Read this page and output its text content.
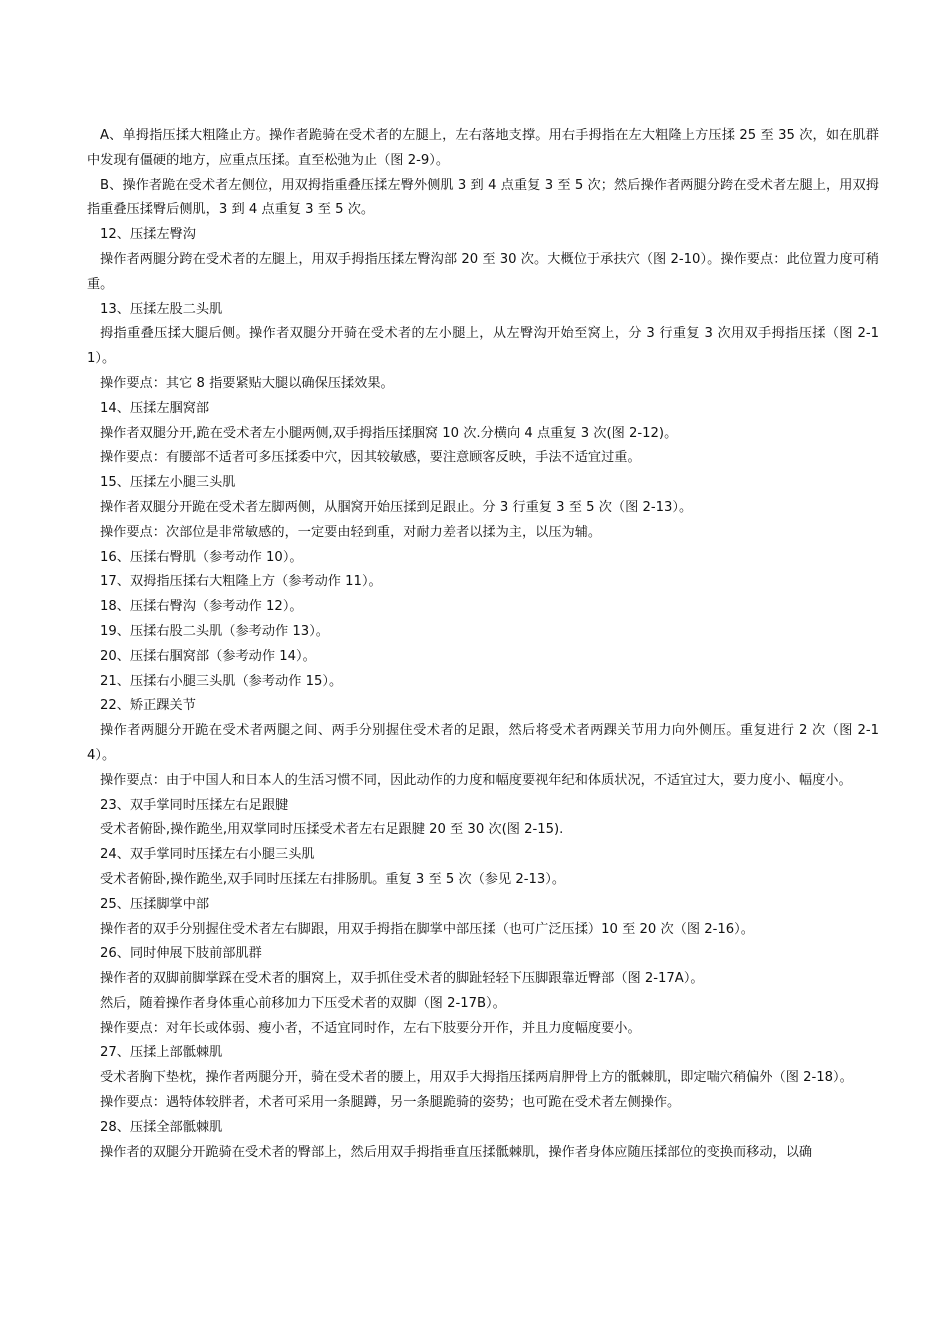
A、单拇指压揉大粗隆止方。操作者跪骑在受术者的左腿上，左右落地支撑。用右手拇指在左大粗隆上方压揉 25 至 35 次，如在肌群中发现有僵硬的地方，应重点压揉。直至松弛为止（图 2-9）。

B、操作者跪在受术者左侧位，用双拇指重叠压揉左臀外侧肌 3 到 4 点重复 3 至 5 次；然后操作者两腿分跨在受术者左腿上，用双拇指重叠压揉臀后侧肌，3 到 4 点重复 3 至 5 次。

12、压揉左臀沟

操作者两腿分跨在受术者的左腿上，用双手拇指压揉左臀沟部 20 至 30 次。大概位于承扶穴（图 2-10）。操作要点：此位置力度可稍重。

13、压揉左股二头肌

拇指重叠压揉大腿后侧。操作者双腿分开骑在受术者的左小腿上，从左臀沟开始至窝上，分 3 行重复 3 次用双手拇指压揉（图 2-11）。

操作要点：其它 8 指要紧贴大腿以确保压揉效果。

14、压揉左腘窝部

操作者双腿分开,跪在受术者左小腿两侧,双手拇指压揉腘窝 10 次.分横向 4 点重复 3 次(图 2-12)。

操作要点：有腰部不适者可多压揉委中穴，因其较敏感，要注意顾客反映，手法不适宜过重。

15、压揉左小腿三头肌

操作者双腿分开跪在受术者左脚两侧，从腘窝开始压揉到足跟止。分 3 行重复 3 至 5 次（图 2-13）。

操作要点：次部位是非常敏感的，一定要由轻到重，对耐力差者以揉为主，以压为辅。

16、压揉右臀肌（参考动作 10）。

17、双拇指压揉右大粗隆上方（参考动作 11）。

18、压揉右臀沟（参考动作 12）。

19、压揉右股二头肌（参考动作 13）。

20、压揉右腘窝部（参考动作 14）。

21、压揉右小腿三头肌（参考动作 15）。

22、矫正踝关节

操作者两腿分开跪在受术者两腿之间、两手分别握住受术者的足跟，然后将受术者两踝关节用力向外侧压。重复进行 2 次（图 2-14）。

操作要点：由于中国人和日本人的生活习惯不同，因此动作的力度和幅度要视年纪和体质状况，不适宜过大，要力度小、幅度小。

23、双手掌同时压揉左右足跟腱

受术者俯卧,操作跪坐,用双掌同时压揉受术者左右足跟腱 20 至 30 次(图 2-15).

24、双手掌同时压揉左右小腿三头肌

受术者俯卧,操作跪坐,双手同时压揉左右排肠肌。重复 3 至 5 次（参见 2-13）。

25、压揉脚掌中部

操作者的双手分别握住受术者左右脚跟，用双手拇指在脚掌中部压揉（也可广泛压揉）10 至 20 次（图 2-16）。

26、同时伸展下肢前部肌群

操作者的双脚前脚掌踩在受术者的腘窝上，双手抓住受术者的脚趾轻轻下压脚跟靠近臀部（图 2-17A）。

然后，随着操作者身体重心前移加力下压受术者的双脚（图 2-17B）。

操作要点：对年长或体弱、瘦小者，不适宜同时作，左右下肢要分开作，并且力度幅度要小。

27、压揉上部骶棘肌

受术者胸下垫枕，操作者两腿分开，骑在受术者的腰上，用双手大拇指压揉两肩胛骨上方的骶棘肌，即定喘穴稍偏外（图 2-18）。

操作要点：遇特体较胖者，术者可采用一条腿蹲，另一条腿跪骑的姿势；也可跪在受术者左侧操作。

28、压揉全部骶棘肌

操作者的双腿分开跪骑在受术者的臀部上，然后用双手拇指垂直压揉骶棘肌，操作者身体应随压揉部位的变换而移动，以确
